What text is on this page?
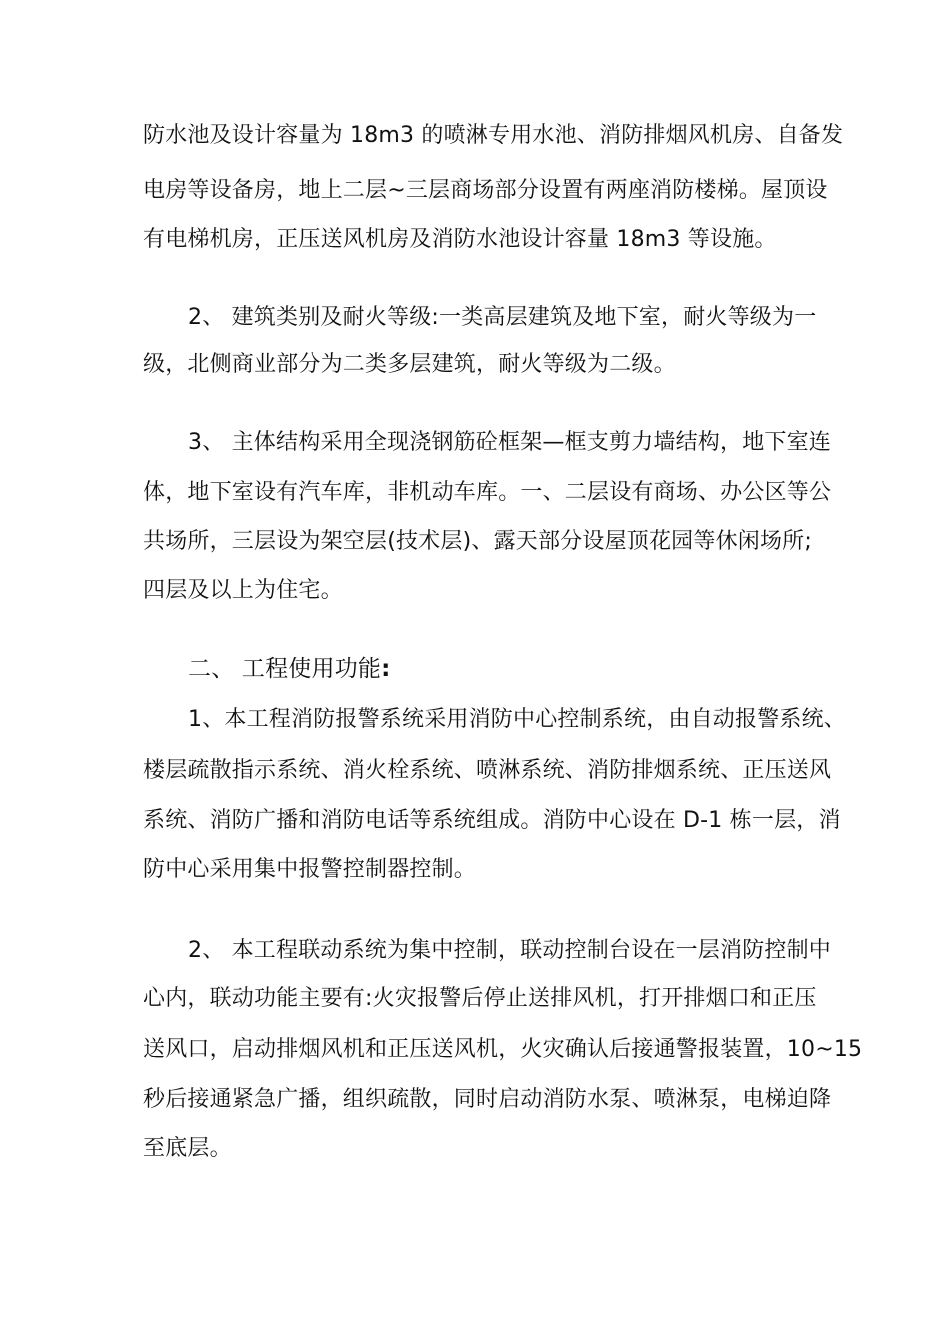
防水池及设计容量为 18m3 的喷淋专用水池、消防排烟风机房、自备发
电房等设备房，地上二层~三层商场部分设置有两座消防楼梯。屋顶设
有电梯机房，正压送风机房及消防水池设计容量 18m3 等设施。
2、 建筑类别及耐火等级:一类高层建筑及地下室，耐火等级为一
级，北侧商业部分为二类多层建筑，耐火等级为二级。
3、 主体结构采用全现浇钢筋砼框架—框支剪力墙结构，地下室连
体，地下室设有汽车库，非机动车库。一、二层设有商场、办公区等公
共场所，三层设为架空层(技术层)、露天部分设屋顶花园等休闲场所;
四层及以上为住宅。
二、 工程使用功能:
1、本工程消防报警系统采用消防中心控制系统，由自动报警系统、
楼层疏散指示系统、消火栓系统、喷淋系统、消防排烟系统、正压送风
系统、消防广播和消防电话等系统组成。消防中心设在 D-1 栋一层，消
防中心采用集中报警控制器控制。
2、 本工程联动系统为集中控制，联动控制台设在一层消防控制中
心内，联动功能主要有:火灾报警后停止送排风机，打开排烟口和正压
送风口，启动排烟风机和正压送风机，火灾确认后接通警报装置，10~15
秒后接通紧急广播，组织疏散，同时启动消防水泵、喷淋泵，电梯迫降
至底层。
